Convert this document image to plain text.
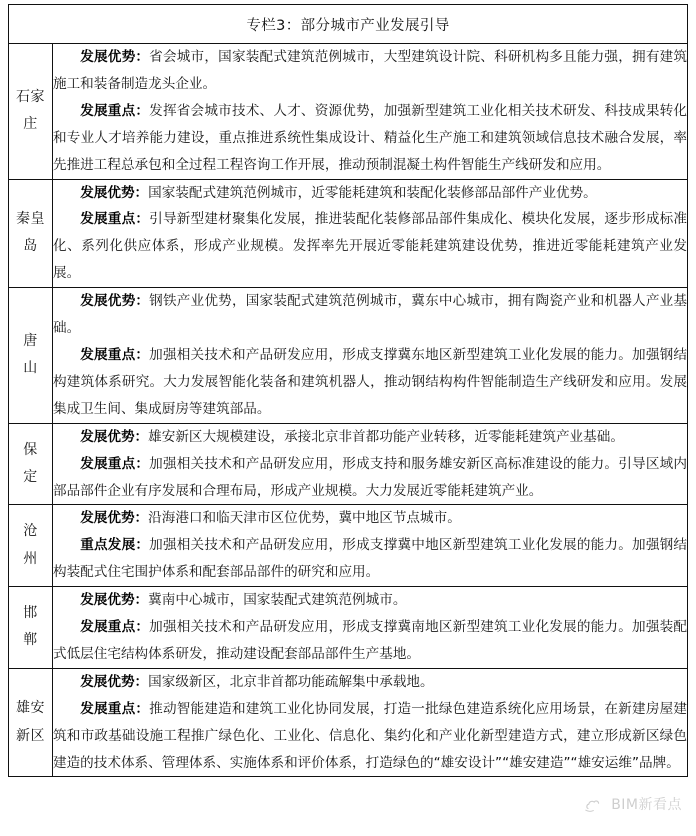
专栏3：部分城市产业发展引导	
石家庄	发展优势：省会城市，国家装配式建筑范例城市，大型建筑设计院、科研机构多且能力强，拥有建筑施工和装备制造龙头企业。

发展重点：发挥省会城市技术、人才、资源优势，加强新型建筑工业化相关技术研发、科技成果转化和专业人才培养能力建设，重点推进系统性集成设计、精益化生产施工和建筑领域信息技术融合发展，率先推进工程总承包和全过程工程咨询工作开展，推动预制混凝土构件智能生产线研发和应用。

秦皇岛	发展优势：国家装配式建筑范例城市，近零能耗建筑和装配化装修部品部件产业优势。

发展重点：引导新型建材聚集化发展，推进装配化装修部品部件集成化、模块化发展，逐步形成标准化、系列化供应体系，形成产业规模。发挥率先开展近零能耗建筑建设优势，推进近零能耗建筑产业发展。

唐山	发展优势：钢铁产业优势，国家装配式建筑范例城市，冀东中心城市，拥有陶瓷产业和机器人产业基础。

发展重点：加强相关技术和产品研发应用，形成支撑冀东地区新型建筑工业化发展的能力。加强钢结构建筑体系研究。大力发展智能化装备和建筑机器人，推动钢结构构件智能制造生产线研发和应用。发展集成卫生间、集成厨房等建筑部品。

保定	发展优势：雄安新区大规模建设，承接北京非首都功能产业转移，近零能耗建筑产业基础。

发展重点：加强相关技术和产品研发应用，形成支持和服务雄安新区高标准建设的能力。引导区域内部品部件企业有序发展和合理布局，形成产业规模。大力发展近零能耗建筑产业。

沧州	发展优势：沿海港口和临天津市区位优势，冀中地区节点城市。

重点发展：加强相关技术和产品研发应用，形成支撑冀中地区新型建筑工业化发展的能力。加强钢结构装配式住宅围护体系和配套部品部件的研究和应用。

邯郸	发展优势：冀南中心城市，国家装配式建筑范例城市。

发展重点：加强相关技术和产品研发应用，形成支撑冀南地区新型建筑工业化发展的能力。加强装配式低层住宅结构体系研发，推动建设配套部品部件生产基地。

雄安新区	发展优势：国家级新区，北京非首都功能疏解集中承载地。

发展重点：推动智能建造和建筑工业化协同发展，打造一批绿色建造系统化应用场景，在新建房屋建筑和市政基础设施工程推广绿色化、工业化、信息化、集约化和产业化新型建造方式，建立形成新区绿色建造的技术体系、管理体系、实施体系和评价体系，打造绿色的“雄安设计”“雄安建造”“雄安运维”品牌。

BIM新看点
